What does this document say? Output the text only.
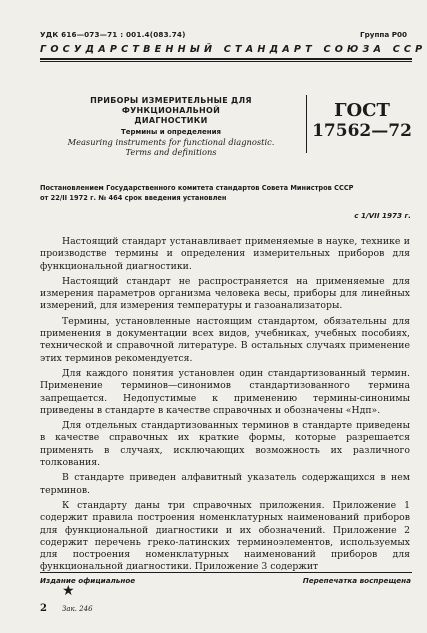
УДК 616—073—71 : 001.4(083.74)	Группа Р00
ГОСУДАРСТВЕННЫЙ СТАНДАРТ СОЮЗА ССР
ПРИБОРЫ ИЗМЕРИТЕЛЬНЫЕ ДЛЯ ФУНКЦИОНАЛЬНОЙ
ДИАГНОСТИКИ
Термины и определения
Measuring instruments for functional diagnostic.
Terms and definitions
ГОСТ
17562—72
Постановлением Государственного комитета стандартов Совета Министров СССР
от 22/II 1972 г. № 464 срок введения установлен
с 1/VII 1973 г.

Настоящий стандарт устанавливает применяемые в науке, технике и производстве термины и определения измерительных приборов для функциональной диагностики.

Настоящий стандарт не распространяется на применяемые для измерения параметров организма человека весы, приборы для линейных измерений, для измерения температуры и газоанализаторы.

Термины, установленные настоящим стандартом, обязательны для применения в документации всех видов, учебниках, учебных пособиях, технической и справочной литературе. В остальных случаях применение этих терминов рекомендуется.

Для каждого понятия установлен один стандартизованный термин. Применение терминов—синонимов стандартизованного термина запрещается. Недопустимые к применению термины-синонимы приведены в стандарте в качестве справочных и обозначены «Ндп».

Для отдельных стандартизованных терминов в стандарте приведены в качестве справочных их краткие формы, которые разрешается применять в случаях, исключающих возможность их различного толкования.

В стандарте приведен алфавитный указатель содержащихся в нем терминов.

К стандарту даны три справочных приложения. Приложение 1 содержит правила построения номенклатурных наименований приборов для функциональной диагностики и их обозначений. Приложение 2 содержит перечень греко-латинских терминоэлементов, используемых для построения номенклатурных наименований приборов для функциональной диагностики. Приложение 3 содержит

Издание официальное	Перепечатка воспрещена
★
2 Зак. 246
